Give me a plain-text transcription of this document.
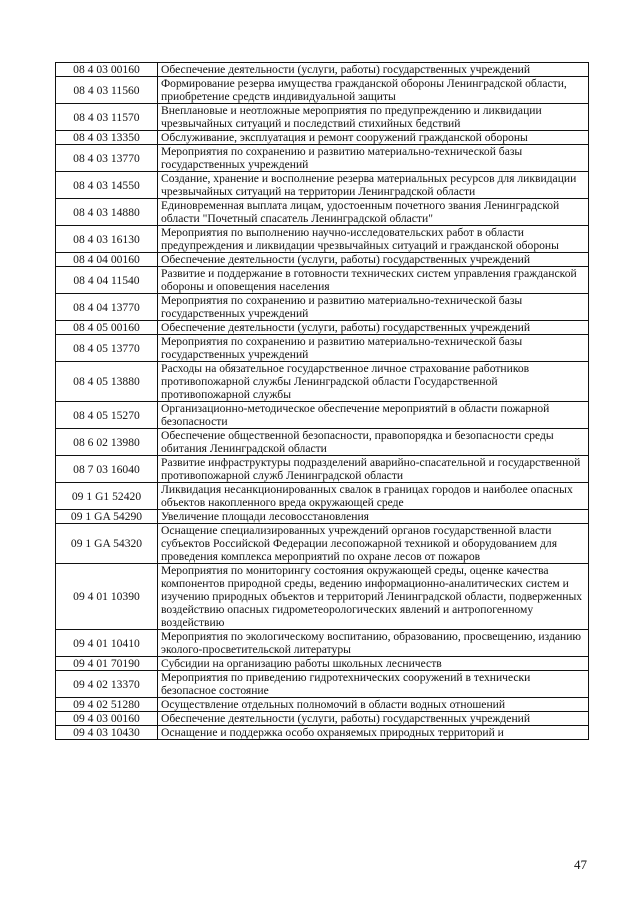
08 4 03 00160	Обеспечение деятельности (услуги, работы) государственных учреждений
08 4 03 11560	Формирование резерва имущества гражданской обороны Ленинградской области, приобретение средств индивидуальной защиты
08 4 03 11570	Внеплановые и неотложные мероприятия по предупреждению и ликвидации чрезвычайных ситуаций и последствий стихийных бедствий
08 4 03 13350	Обслуживание, эксплуатация и ремонт сооружений гражданской обороны
08 4 03 13770	Мероприятия по сохранению и развитию материально-технической базы государственных учреждений
08 4 03 14550	Создание, хранение и восполнение резерва материальных ресурсов для ликвидации чрезвычайных ситуаций на территории Ленинградской области
08 4 03 14880	Единовременная выплата лицам, удостоенным почетного звания Ленинградской области "Почетный спасатель Ленинградской области"
08 4 03 16130	Мероприятия по выполнению научно-исследовательских работ в области предупреждения и ликвидации чрезвычайных ситуаций и гражданской обороны
08 4 04 00160	Обеспечение деятельности (услуги, работы) государственных учреждений
08 4 04 11540	Развитие и поддержание в готовности технических систем управления гражданской обороны и оповещения населения
08 4 04 13770	Мероприятия по сохранению и развитию материально-технической базы государственных учреждений
08 4 05 00160	Обеспечение деятельности (услуги, работы) государственных учреждений
08 4 05 13770	Мероприятия по сохранению и развитию материально-технической базы государственных учреждений
08 4 05 13880	Расходы на обязательное государственное личное страхование работников противопожарной службы Ленинградской области Государственной противопожарной службы
08 4 05 15270	Организационно-методическое обеспечение мероприятий в области пожарной безопасности
08 6 02 13980	Обеспечение общественной безопасности, правопорядка и безопасности среды обитания Ленинградской области
08 7 03 16040	Развитие инфраструктуры подразделений аварийно-спасательной и государственной противопожарной служб Ленинградской области
09 1 G1 52420	Ликвидация несанкционированных свалок в границах городов и наиболее опасных объектов накопленного вреда окружающей среде
09 1 GA 54290	Увеличение площади лесовосстановления
09 1 GA 54320	Оснащение специализированных учреждений органов государственной власти субъектов Российской Федерации лесопожарной техникой и оборудованием для проведения комплекса мероприятий по охране лесов от пожаров
09 4 01 10390	Мероприятия по мониторингу состояния окружающей среды, оценке качества компонентов природной среды, ведению информационно-аналитических систем и изучению природных объектов и территорий Ленинградской области, подверженных воздействию опасных гидрометеорологических явлений и антропогенному воздействию
09 4 01 10410	Мероприятия по экологическому воспитанию, образованию, просвещению, изданию эколого-просветительской литературы
09 4 01 70190	Субсидии на организацию работы школьных лесничеств
09 4 02 13370	Мероприятия по приведению гидротехнических сооружений в технически безопасное состояние
09 4 02 51280	Осуществление отдельных полномочий в области водных отношений
09 4 03 00160	Обеспечение деятельности (услуги, работы) государственных учреждений
09 4 03 10430	Оснащение и поддержка особо охраняемых природных территорий и
47
